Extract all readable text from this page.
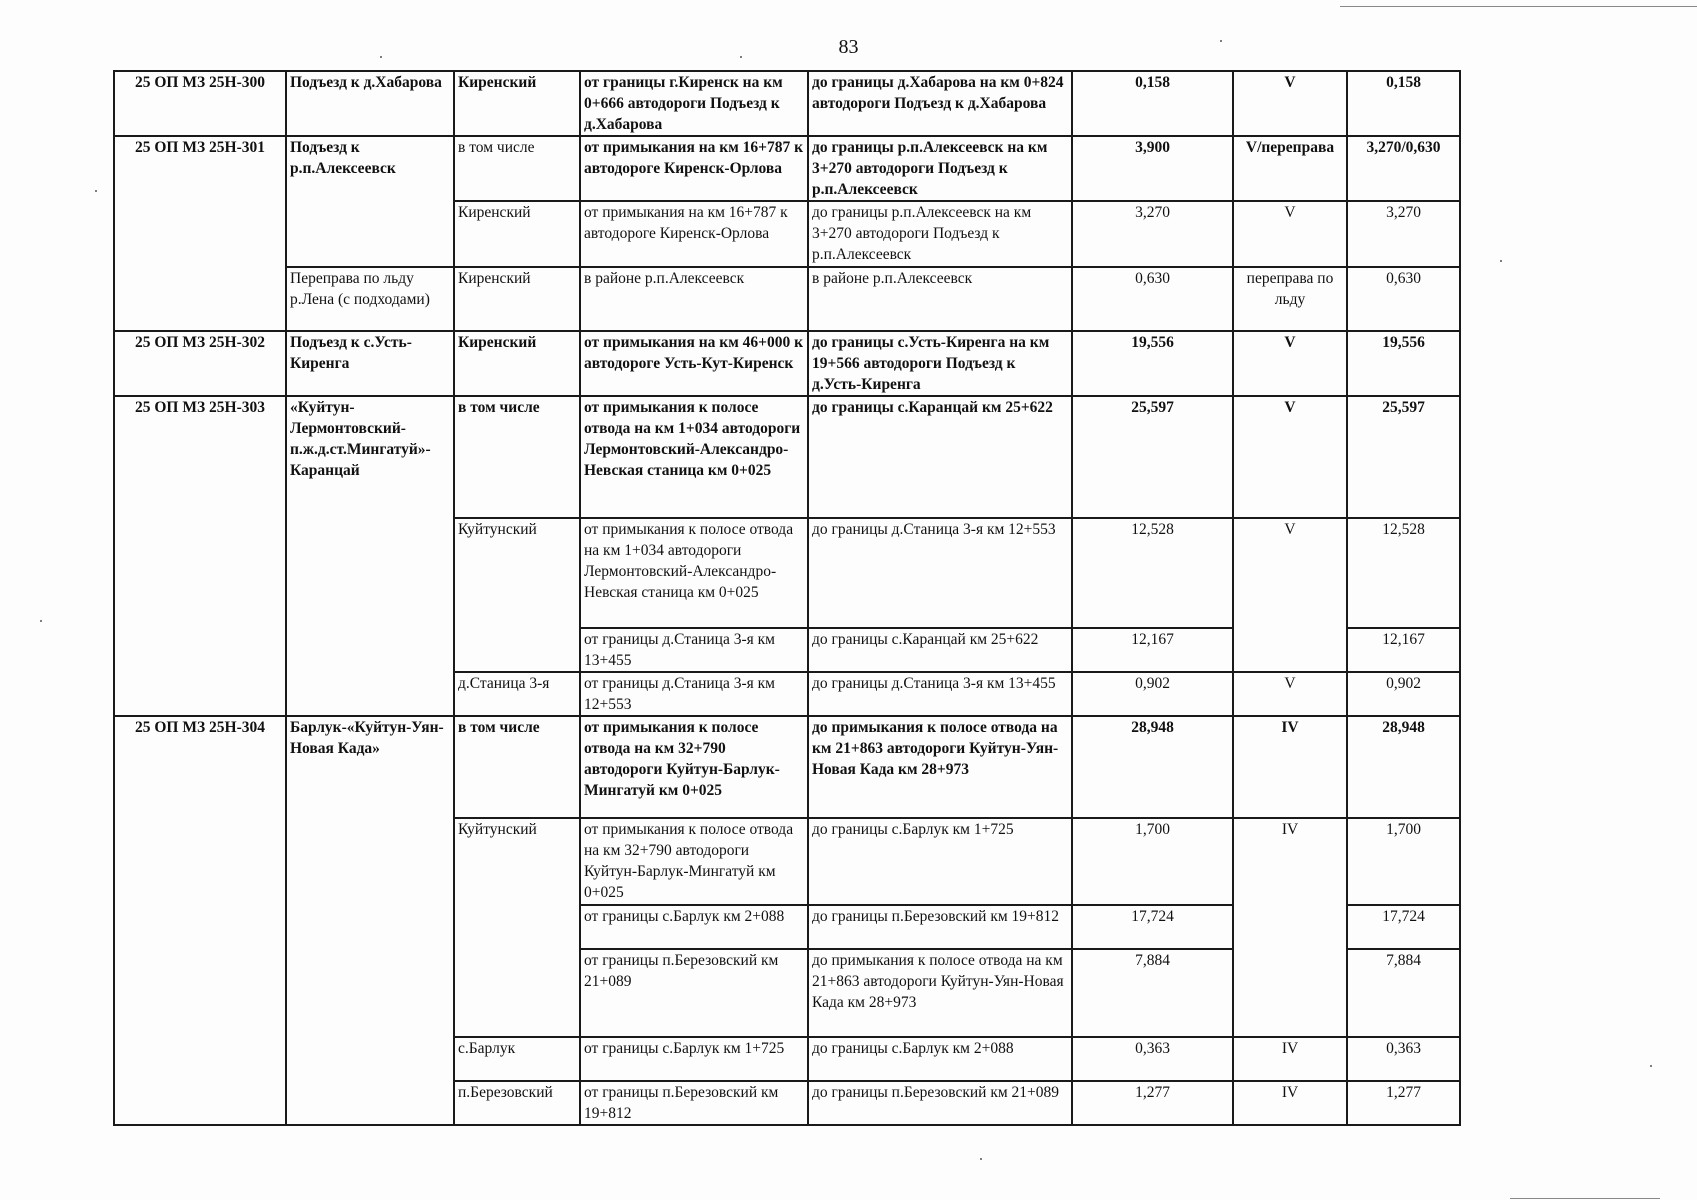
83
25 ОП МЗ 25Н-300	Подъезд к д.Хабарова	Киренский	от границы г.Киренск на км 0+666 автодороги Подъезд к д.Хабарова	до границы д.Хабарова на км 0+824 автодороги Подъезд к д.Хабарова	0,158	V	0,158
25 ОП МЗ 25Н-301	Подъезд к р.п.Алексеевск	в том числе	от примыкания на км 16+787 к автодороге Киренск-Орлова	до границы р.п.Алексеевск на км 3+270 автодороги Подъезд к р.п.Алексеевск	3,900	V/переправа	3,270/0,630
		Киренский	от примыкания на км 16+787 к автодороге Киренск-Орлова	до границы р.п.Алексеевск на км 3+270 автодороги Подъезд к р.п.Алексеевск	3,270	V	3,270
	Переправа по льду р.Лена (с подходами)	Киренский	в районе р.п.Алексеевск	в районе р.п.Алексеевск	0,630	переправа по льду	0,630
25 ОП МЗ 25Н-302	Подъезд к с.Усть-Киренга	Киренский	от примыкания на км 46+000 к автодороге Усть-Кут-Киренск	до границы с.Усть-Киренга на км 19+566 автодороги Подъезд к д.Усть-Киренга	19,556	V	19,556
25 ОП МЗ 25Н-303	«Куйтун-Лермонтовский-п.ж.д.ст.Мингатуй»-Каранцай	в том числе	от примыкания к полосе отвода на км 1+034 автодороги Лермонтовский-Александро-Невская станица км 0+025	до границы с.Каранцай км 25+622	25,597	V	25,597
		Куйтунский	от примыкания к полосе отвода на км 1+034 автодороги Лермонтовский-Александро-Невская станица км 0+025	до границы д.Станица 3-я км 12+553	12,528	V	12,528
			от границы д.Станица 3-я км 13+455	до границы с.Каранцай км 25+622	12,167		12,167
		д.Станица 3-я	от границы д.Станица 3-я км 12+553	до границы д.Станица 3-я км 13+455	0,902	V	0,902
25 ОП МЗ 25Н-304	Барлук-«Куйтун-Уян-Новая Када»	в том числе	от примыкания к полосе отвода на км 32+790 автодороги Куйтун-Барлук-Мингатуй км 0+025	до примыкания к полосе отвода на км 21+863 автодороги Куйтун-Уян-Новая Када км 28+973	28,948	IV	28,948
		Куйтунский	от примыкания к полосе отвода на км 32+790 автодороги Куйтун-Барлук-Мингатуй км 0+025	до границы с.Барлук км 1+725	1,700	IV	1,700
			от границы с.Барлук км 2+088	до границы п.Березовский км 19+812	17,724		17,724
			от границы п.Березовский км 21+089	до примыкания к полосе отвода на км 21+863 автодороги Куйтун-Уян-Новая Када км 28+973	7,884		7,884
		с.Барлук	от границы с.Барлук км 1+725	до границы с.Барлук км 2+088	0,363	IV	0,363
		п.Березовский	от границы п.Березовский км 19+812	до границы п.Березовский км 21+089	1,277	IV	1,277
